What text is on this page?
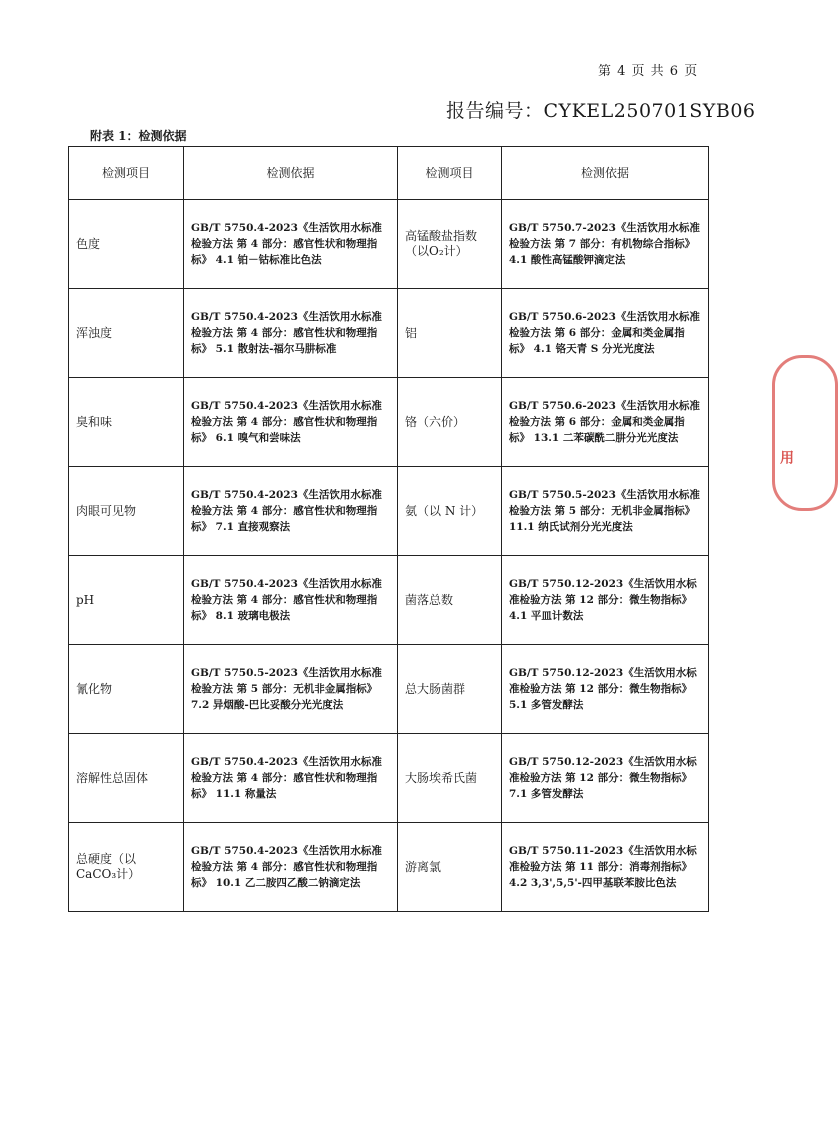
第 4 页 共 6 页
报告编号：CYKEL250701SYB06
附表 1：检测依据
检测项目	检测依据	检测项目	检测依据
色度	GB/T 5750.4-2023《生活饮用水标准检验方法 第 4 部分：感官性状和物理指标》 4.1 铂－钴标准比色法	高锰酸盐指数（以O₂计）	GB/T 5750.7-2023《生活饮用水标准检验方法 第 7 部分：有机物综合指标》 4.1 酸性高锰酸钾滴定法
浑浊度	GB/T 5750.4-2023《生活饮用水标准检验方法 第 4 部分：感官性状和物理指标》 5.1 散射法-福尔马肼标准	铝	GB/T 5750.6-2023《生活饮用水标准检验方法 第 6 部分：金属和类金属指标》 4.1 铬天青 S 分光光度法
臭和味	GB/T 5750.4-2023《生活饮用水标准检验方法 第 4 部分：感官性状和物理指标》 6.1 嗅气和尝味法	铬（六价）	GB/T 5750.6-2023《生活饮用水标准检验方法 第 6 部分：金属和类金属指标》 13.1 二苯碳酰二肼分光光度法
肉眼可见物	GB/T 5750.4-2023《生活饮用水标准检验方法 第 4 部分：感官性状和物理指标》 7.1 直接观察法	氨（以 N 计）	GB/T 5750.5-2023《生活饮用水标准检验方法 第 5 部分：无机非金属指标》 11.1 纳氏试剂分光光度法
pH	GB/T 5750.4-2023《生活饮用水标准检验方法 第 4 部分：感官性状和物理指标》 8.1 玻璃电极法	菌落总数	GB/T 5750.12-2023《生活饮用水标准检验方法 第 12 部分：微生物指标》 4.1 平皿计数法
氰化物	GB/T 5750.5-2023《生活饮用水标准检验方法 第 5 部分：无机非金属指标》 7.2 异烟酸-巴比妥酸分光光度法	总大肠菌群	GB/T 5750.12-2023《生活饮用水标准检验方法 第 12 部分：微生物指标》 5.1 多管发酵法
溶解性总固体	GB/T 5750.4-2023《生活饮用水标准检验方法 第 4 部分：感官性状和物理指标》 11.1 称量法	大肠埃希氏菌	GB/T 5750.12-2023《生活饮用水标准检验方法 第 12 部分：微生物指标》 7.1 多管发酵法
总硬度（以 CaCO₃计）	GB/T 5750.4-2023《生活饮用水标准检验方法 第 4 部分：感官性状和物理指标》 10.1 乙二胺四乙酸二钠滴定法	游离氯	GB/T 5750.11-2023《生活饮用水标准检验方法 第 11 部分：消毒剂指标》 4.2 3,3',5,5'-四甲基联苯胺比色法
用
